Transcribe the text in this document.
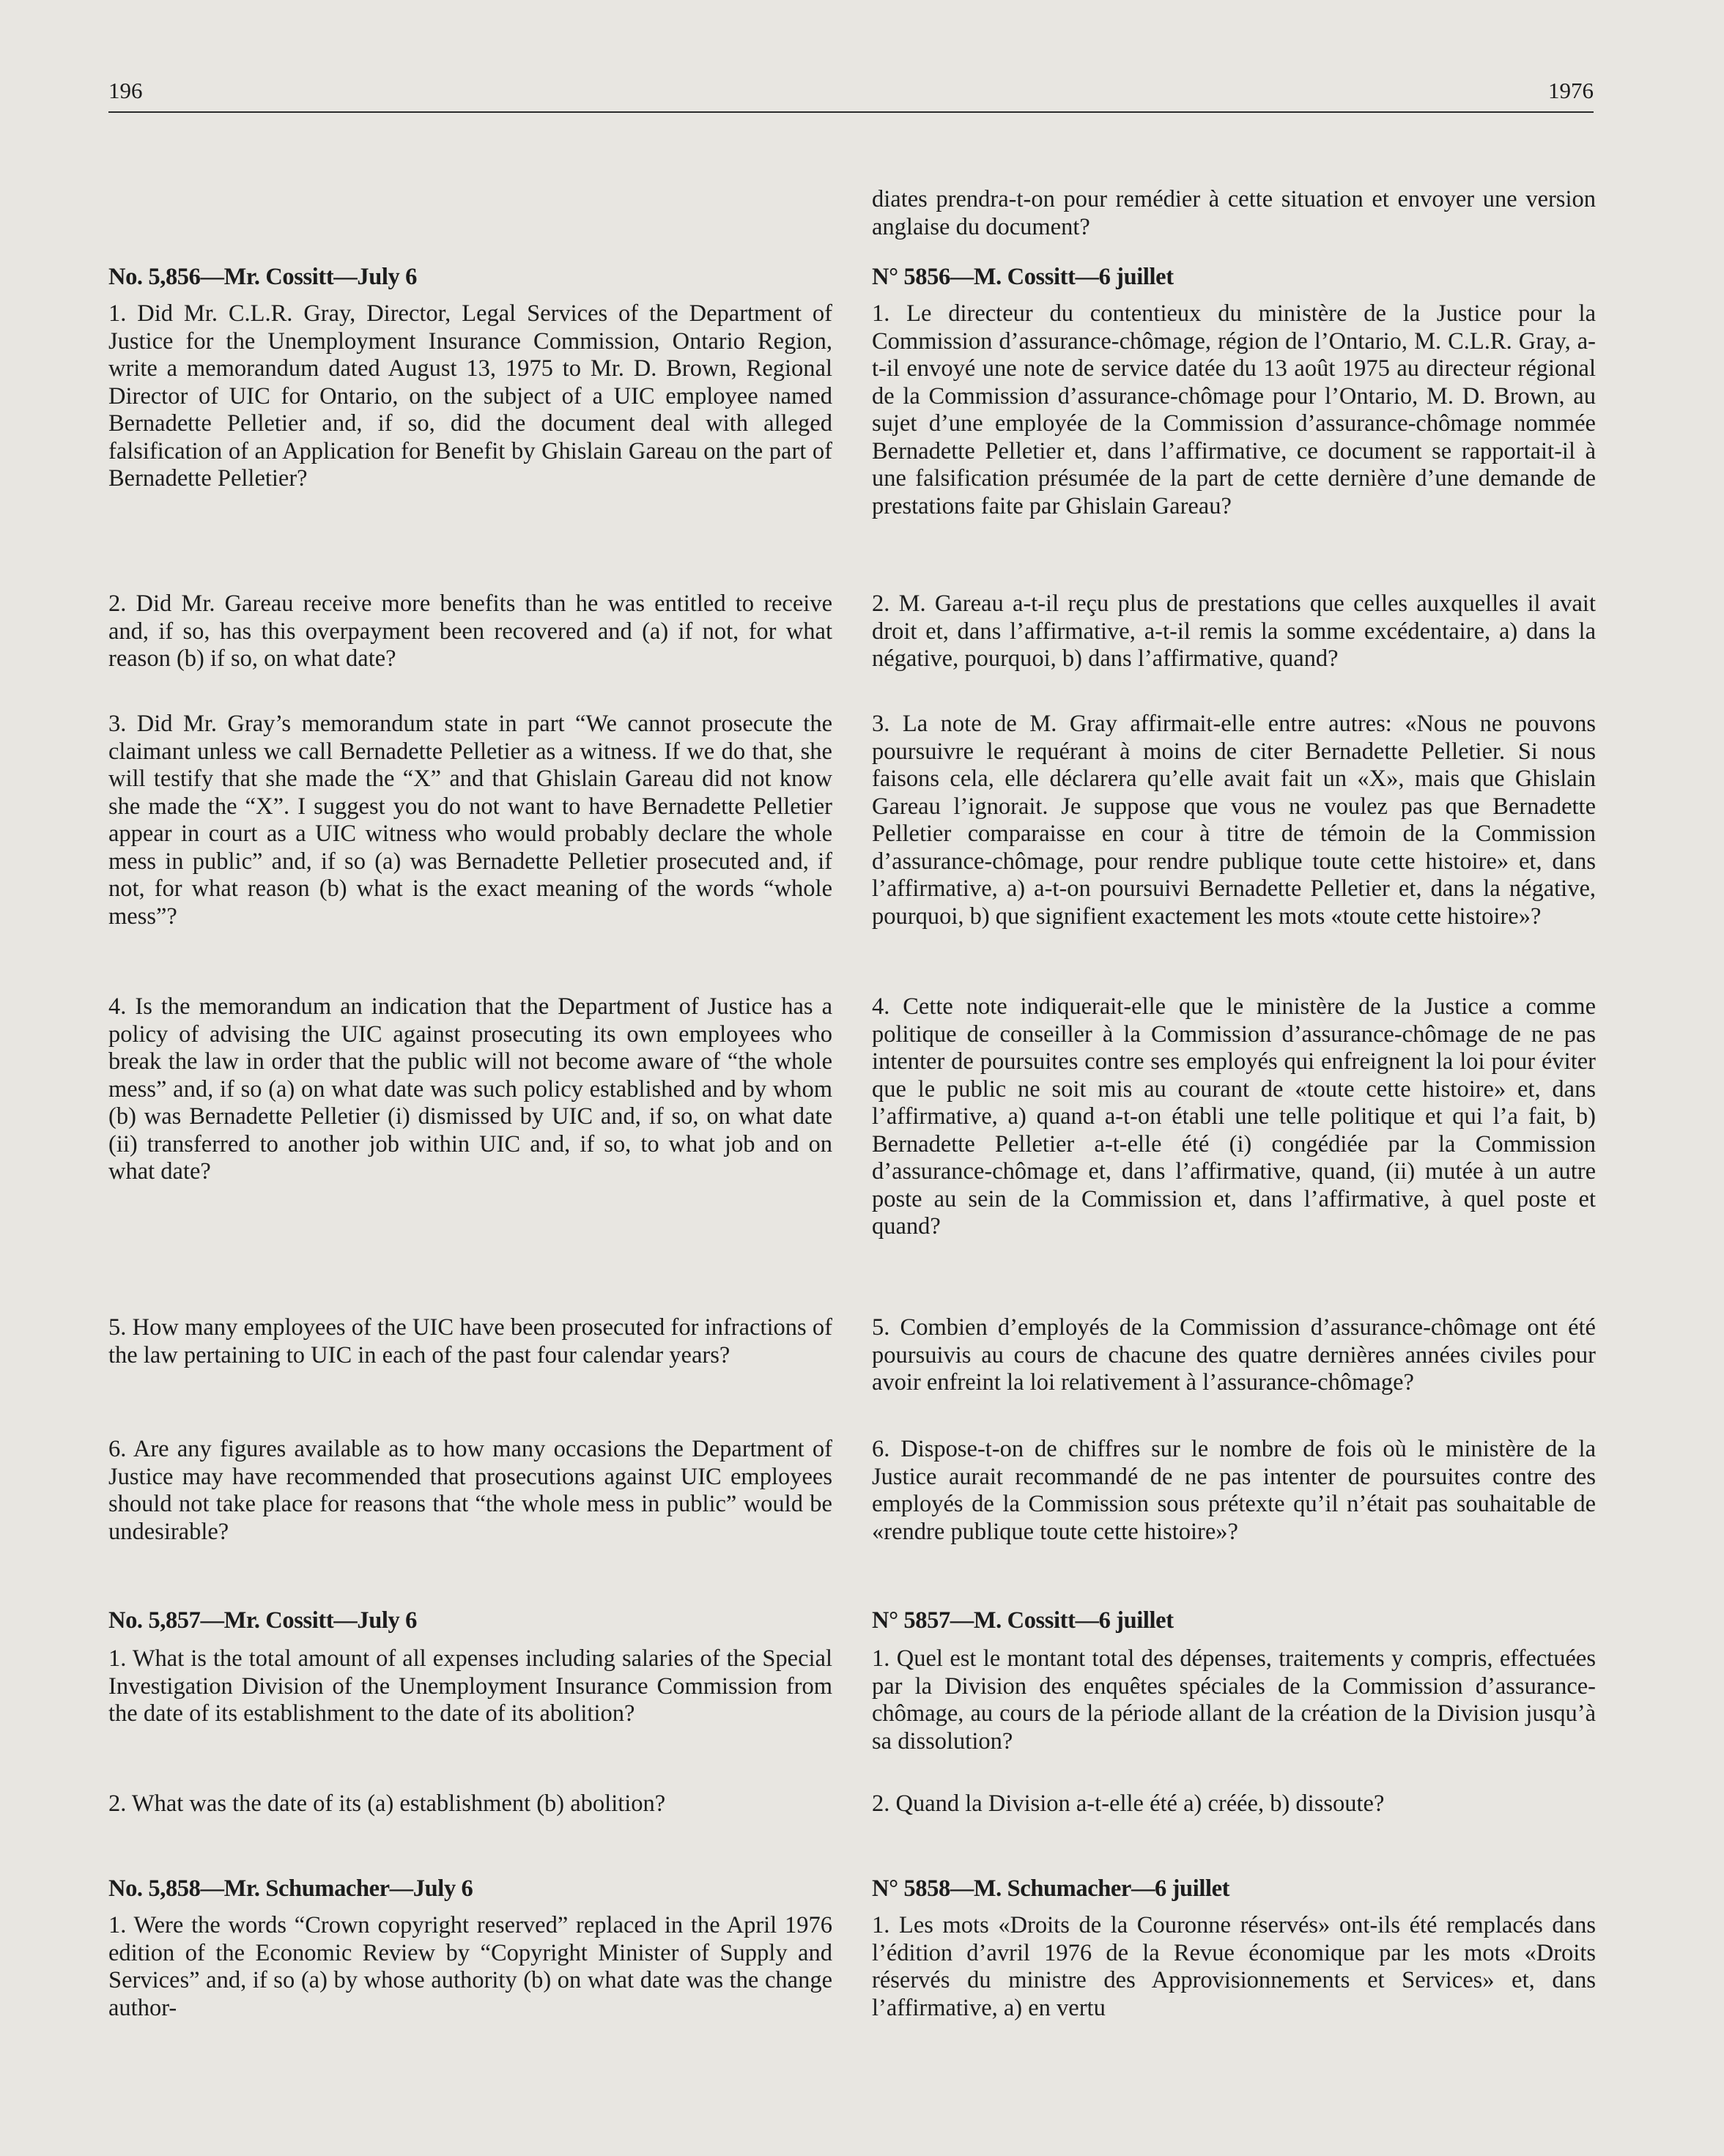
196	1976
No. 5,856—Mr. Cossitt—July 6
1. Did Mr. C.L.R. Gray, Director, Legal Services of the Department of Justice for the Unemployment Insurance Commission, Ontario Region, write a memorandum dated August 13, 1975 to Mr. D. Brown, Regional Director of UIC for Ontario, on the subject of a UIC employee named Bernadette Pelletier and, if so, did the document deal with alleged falsification of an Application for Benefit by Ghislain Gareau on the part of Bernadette Pelletier?
2. Did Mr. Gareau receive more benefits than he was entitled to receive and, if so, has this overpayment been recovered and (a) if not, for what reason (b) if so, on what date?
3. Did Mr. Gray’s memorandum state in part “We cannot prosecute the claimant unless we call Bernadette Pelletier as a witness. If we do that, she will testify that she made the “X” and that Ghislain Gareau did not know she made the “X”. I suggest you do not want to have Bernadette Pelletier appear in court as a UIC witness who would probably declare the whole mess in public” and, if so (a) was Bernadette Pelletier prosecuted and, if not, for what reason (b) what is the exact meaning of the words “whole mess”?
4. Is the memorandum an indication that the Department of Justice has a policy of advising the UIC against prosecuting its own employees who break the law in order that the public will not become aware of “the whole mess” and, if so (a) on what date was such policy established and by whom (b) was Bernadette Pelletier (i) dismissed by UIC and, if so, on what date (ii) transferred to another job within UIC and, if so, to what job and on what date?
5. How many employees of the UIC have been prosecuted for infractions of the law pertaining to UIC in each of the past four calendar years?
6. Are any figures available as to how many occasions the Department of Justice may have recommended that prosecutions against UIC employees should not take place for reasons that “the whole mess in public” would be undesirable?
No. 5,857—Mr. Cossitt—July 6
1. What is the total amount of all expenses including salaries of the Special Investigation Division of the Unemployment Insurance Commission from the date of its establishment to the date of its abolition?
2. What was the date of its (a) establishment (b) abolition?
No. 5,858—Mr. Schumacher—July 6
1. Were the words “Crown copyright reserved” replaced in the April 1976 edition of the Economic Review by “Copyright Minister of Supply and Services” and, if so (a) by whose authority (b) on what date was the change author-
diates prendra-t-on pour remédier à cette situation et envoyer une version anglaise du document?
N° 5856—M. Cossitt—6 juillet
1. Le directeur du contentieux du ministère de la Justice pour la Commission d’assurance-chômage, région de l’Ontario, M. C.L.R. Gray, a-t-il envoyé une note de service datée du 13 août 1975 au directeur régional de la Commission d’assurance-chômage pour l’Ontario, M. D. Brown, au sujet d’une employée de la Commission d’assurance-chômage nommée Bernadette Pelletier et, dans l’affirmative, ce document se rapportait-il à une falsification présumée de la part de cette dernière d’une demande de prestations faite par Ghislain Gareau?
2. M. Gareau a-t-il reçu plus de prestations que celles auxquelles il avait droit et, dans l’affirmative, a-t-il remis la somme excédentaire, a) dans la négative, pourquoi, b) dans l’affirmative, quand?
3. La note de M. Gray affirmait-elle entre autres: «Nous ne pouvons poursuivre le requérant à moins de citer Bernadette Pelletier. Si nous faisons cela, elle déclarera qu’elle avait fait un «X», mais que Ghislain Gareau l’ignorait. Je suppose que vous ne voulez pas que Bernadette Pelletier comparaisse en cour à titre de témoin de la Commission d’assurance-chômage, pour rendre publique toute cette histoire» et, dans l’affirmative, a) a-t-on poursuivi Bernadette Pelletier et, dans la négative, pourquoi, b) que signifient exactement les mots «toute cette histoire»?
4. Cette note indiquerait-elle que le ministère de la Justice a comme politique de conseiller à la Commission d’assurance-chômage de ne pas intenter de poursuites contre ses employés qui enfreignent la loi pour éviter que le public ne soit mis au courant de «toute cette histoire» et, dans l’affirmative, a) quand a-t-on établi une telle politique et qui l’a fait, b) Bernadette Pelletier a-t-elle été (i) congédiée par la Commission d’assurance-chômage et, dans l’affirmative, quand, (ii) mutée à un autre poste au sein de la Commission et, dans l’affirmative, à quel poste et quand?
5. Combien d’employés de la Commission d’assurance-chômage ont été poursuivis au cours de chacune des quatre dernières années civiles pour avoir enfreint la loi relativement à l’assurance-chômage?
6. Dispose-t-on de chiffres sur le nombre de fois où le ministère de la Justice aurait recommandé de ne pas intenter de poursuites contre des employés de la Commission sous prétexte qu’il n’était pas souhaitable de «rendre publique toute cette histoire»?
N° 5857—M. Cossitt—6 juillet
1. Quel est le montant total des dépenses, traitements y compris, effectuées par la Division des enquêtes spéciales de la Commission d’assurance-chômage, au cours de la période allant de la création de la Division jusqu’à sa dissolution?
2. Quand la Division a-t-elle été a) créée, b) dissoute?
N° 5858—M. Schumacher—6 juillet
1. Les mots «Droits de la Couronne réservés» ont-ils été remplacés dans l’édition d’avril 1976 de la Revue économique par les mots «Droits réservés du ministre des Approvisionnements et Services» et, dans l’affirmative, a) en vertu
